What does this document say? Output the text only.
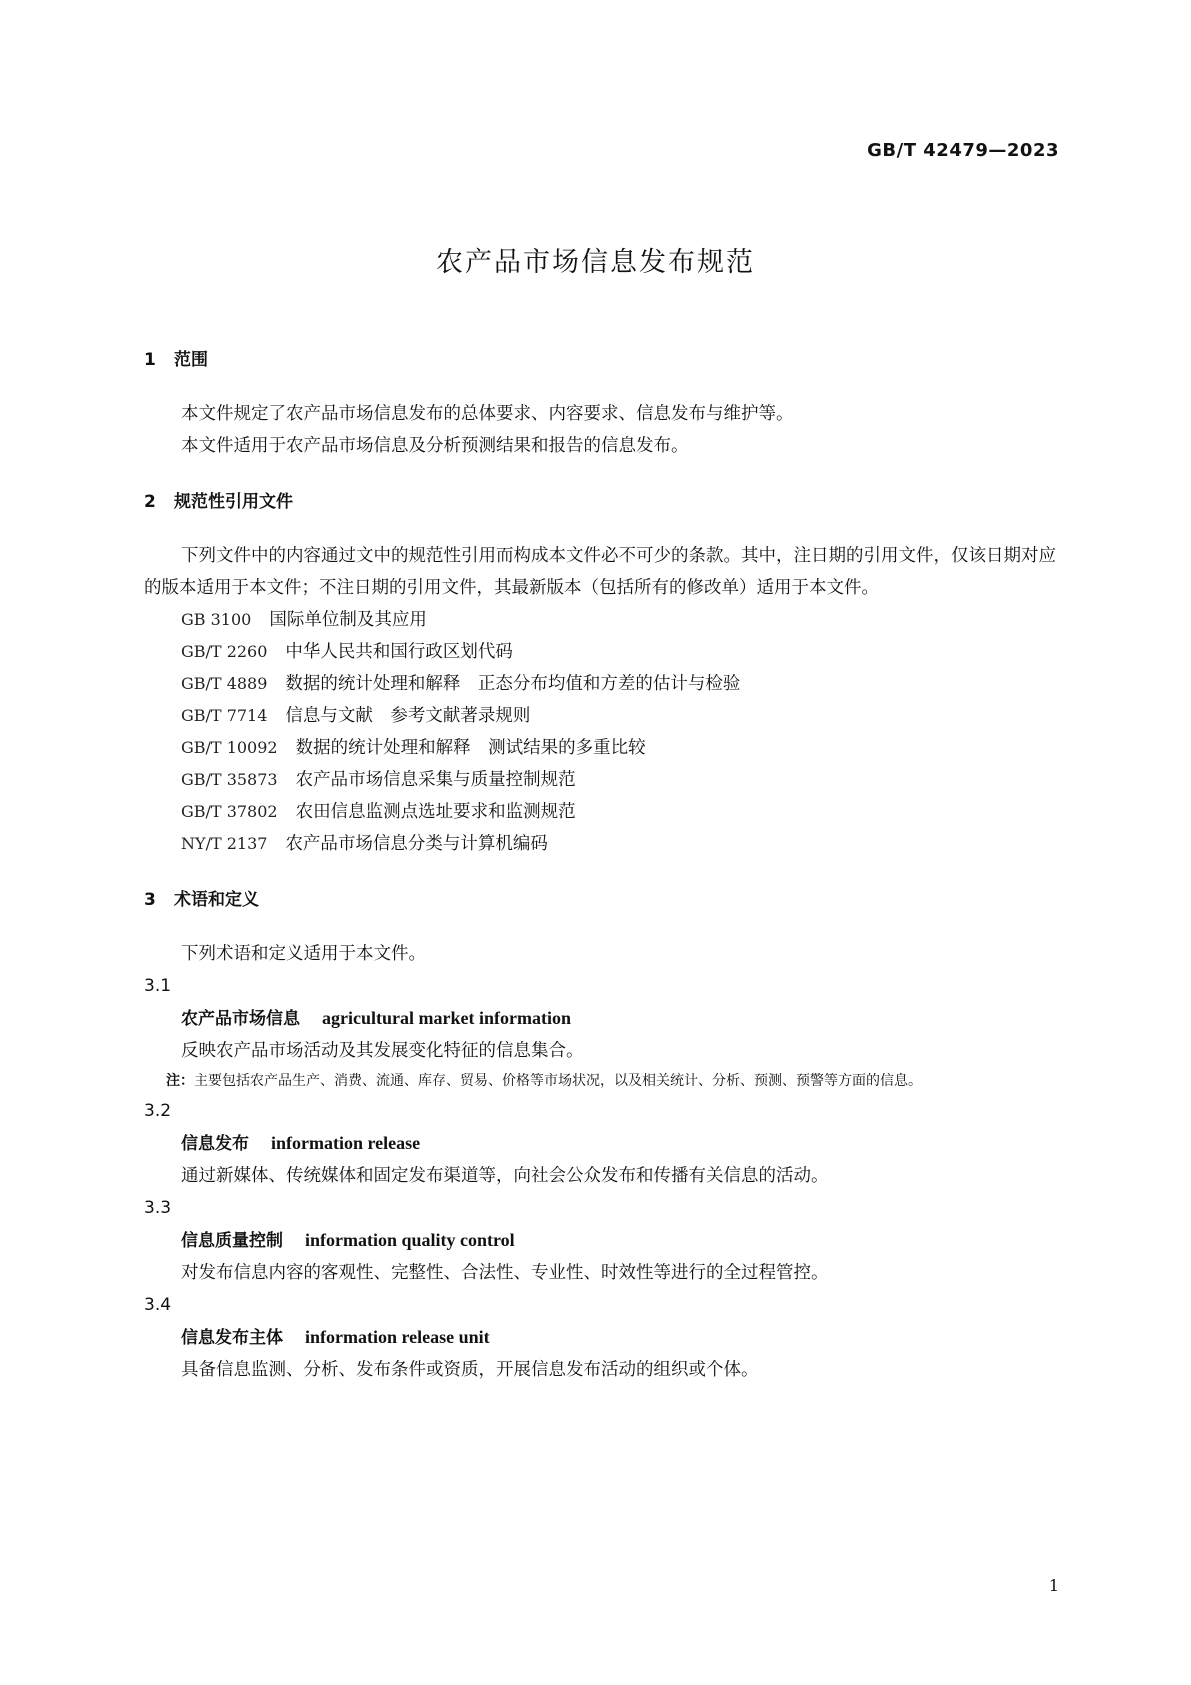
GB/T 42479—2023
农产品市场信息发布规范
1 范围

本文件规定了农产品市场信息发布的总体要求、内容要求、信息发布与维护等。

本文件适用于农产品市场信息及分析预测结果和报告的信息发布。

2 规范性引用文件

下列文件中的内容通过文中的规范性引用而构成本文件必不可少的条款。其中，注日期的引用文件，仅该日期对应的版本适用于本文件；不注日期的引用文件，其最新版本（包括所有的修改单）适用于本文件。

GB 3100 国际单位制及其应用
GB/T 2260 中华人民共和国行政区划代码
GB/T 4889 数据的统计处理和解释　正态分布均值和方差的估计与检验
GB/T 7714 信息与文献　参考文献著录规则
GB/T 10092 数据的统计处理和解释　测试结果的多重比较
GB/T 35873 农产品市场信息采集与质量控制规范
GB/T 37802 农田信息监测点选址要求和监测规范
NY/T 2137 农产品市场信息分类与计算机编码
3 术语和定义

下列术语和定义适用于本文件。

3.1

农产品市场信息 agricultural market information

反映农产品市场活动及其发展变化特征的信息集合。

注：主要包括农产品生产、消费、流通、库存、贸易、价格等市场状况，以及相关统计、分析、预测、预警等方面的信息。

3.2

信息发布 information release

通过新媒体、传统媒体和固定发布渠道等，向社会公众发布和传播有关信息的活动。

3.3

信息质量控制 information quality control

对发布信息内容的客观性、完整性、合法性、专业性、时效性等进行的全过程管控。

3.4

信息发布主体 information release unit

具备信息监测、分析、发布条件或资质，开展信息发布活动的组织或个体。

1
